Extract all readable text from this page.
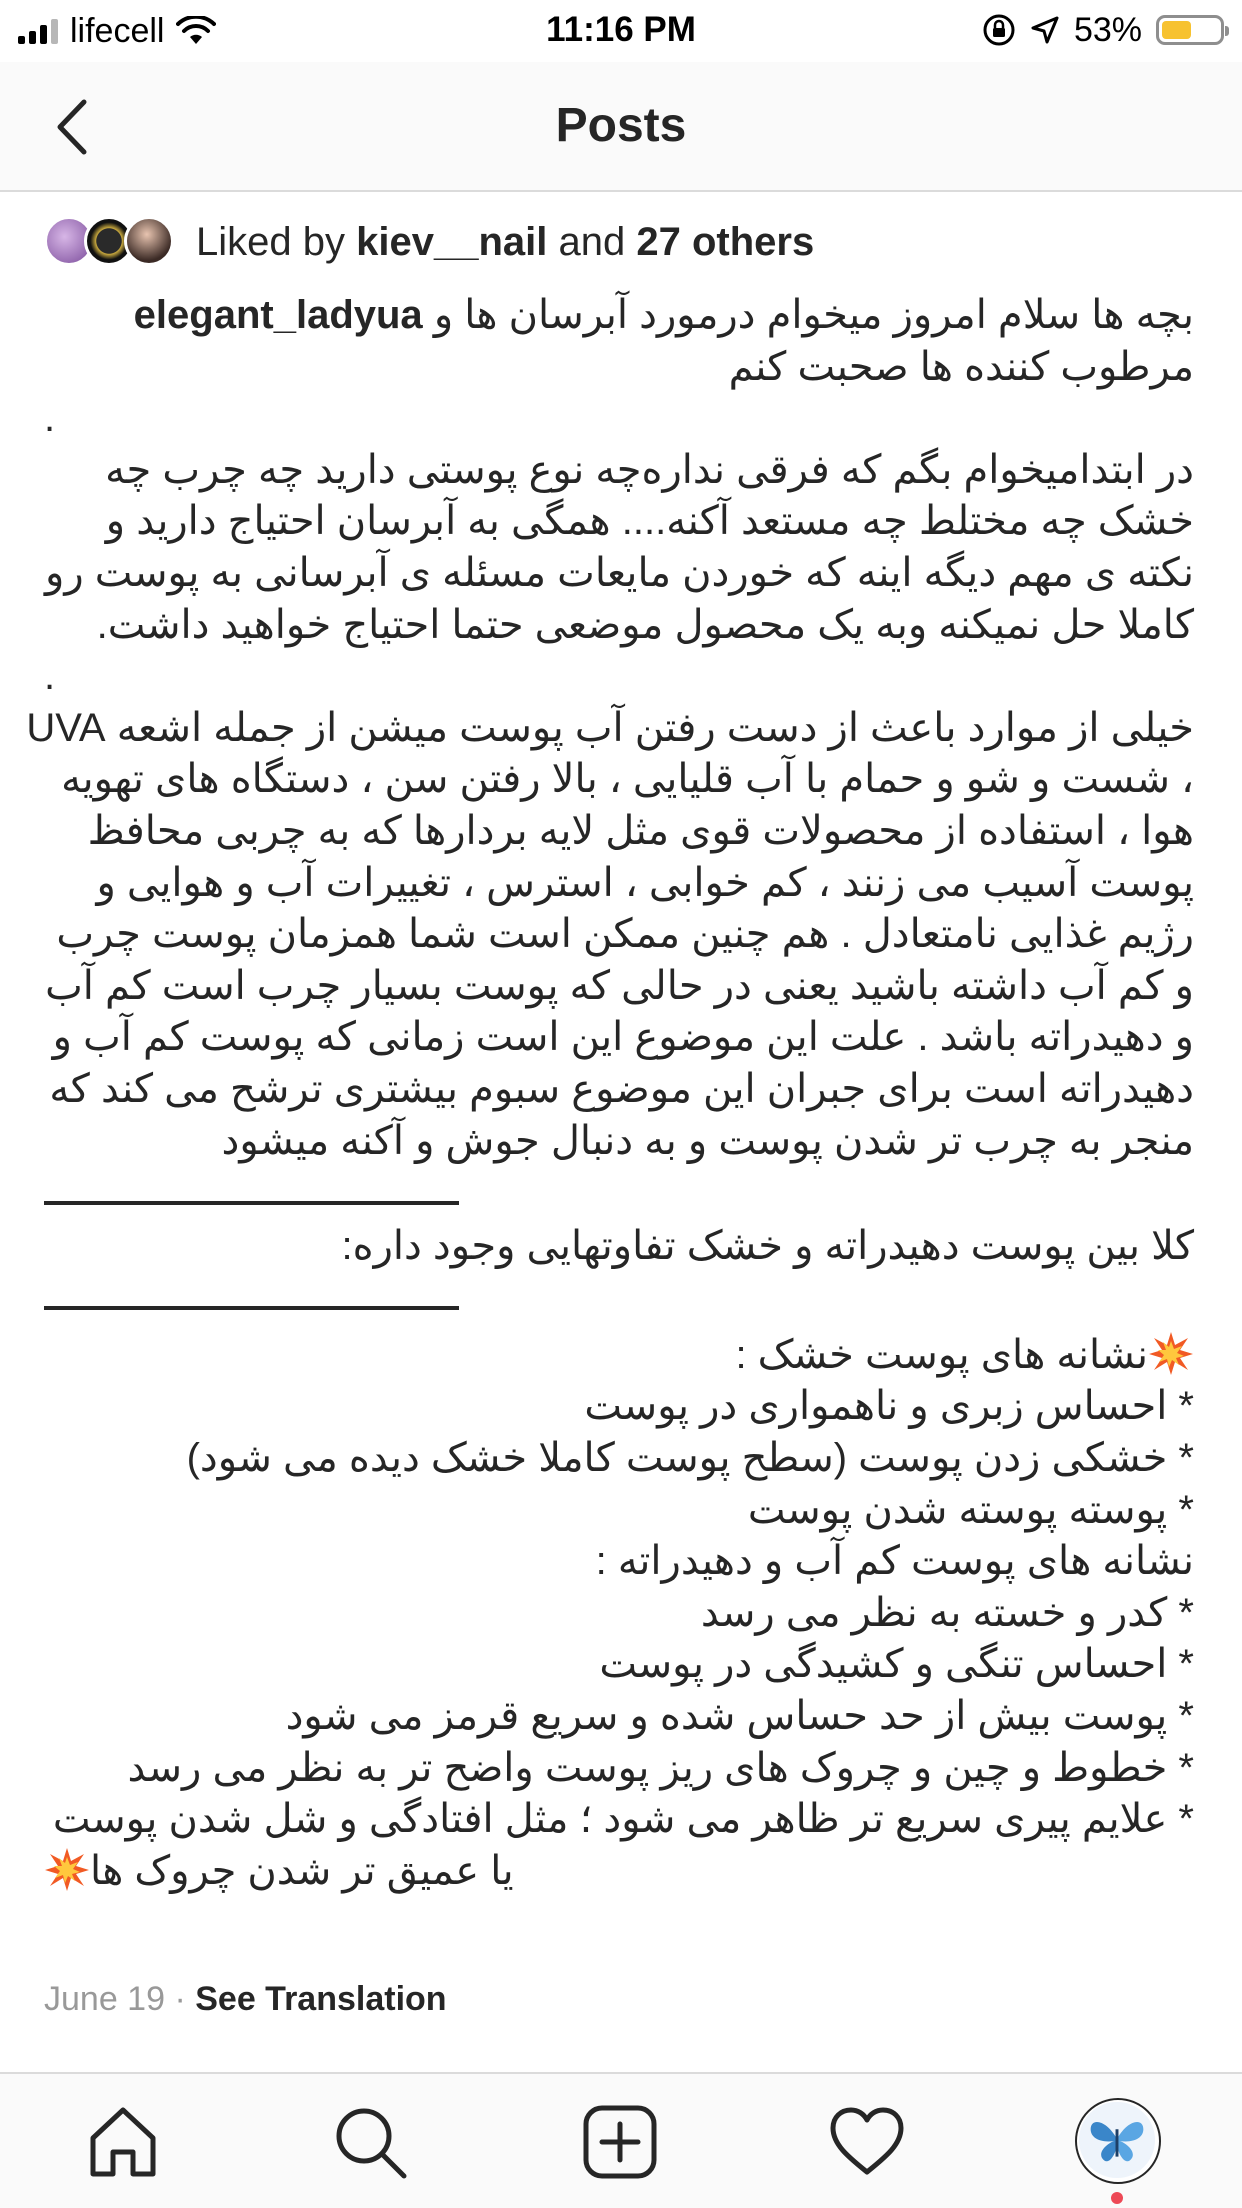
lifecell	11:16 PM	53%
Posts
Liked by
kiev__nail
and
27 others
بچه ها سلام امروز میخوام درمورد آبرسان ها و elegant_ladyua
مرطوب کننده ها صحبت کنم
.
در ابتدامیخوام بگم که فرقی نداره‌چه نوع پوستی دارید چه چرب چه
خشک چه مختلط چه مستعد آکنه.... همگی به آبرسان احتیاج دارید و
نکته ی مهم دیگه اینه که خوردن مایعات مسئله ی آبرسانی به پوست رو
کاملا حل نمیکنه وبه یک محصول موضعی حتما احتیاج خواهید داشت.
.
خیلی از موارد باعث از دست رفتن آب پوست میشن از جمله اشعه UVA
، شست و شو و حمام با آب قلیایی ، بالا رفتن سن ، دستگاه های تهویه
هوا ، استفاده از محصولات قوی مثل لایه بردارها که به چربی محافظ
پوست آسیب می زنند ، کم خوابی ، استرس ، تغییرات آب و هوایی و
رژیم غذایی نامتعادل . هم چنین ممکن است شما همزمان پوست چرب
و کم آب داشته باشید یعنی در حالی که پوست بسیار چرب است کم آب
و دهیدراته باشد . علت این موضوع این است زمانی که پوست کم آب و
دهیدراته است برای جبران این موضوع سبوم بیشتری ترشح می کند که
منجر به چرب تر شدن پوست و به دنبال جوش و آکنه میشود
کلا بین پوست دهیدراته و خشک تفاوتهایی وجود داره:
نشانه های پوست خشک :
* احساس زبری و ناهمواری در پوست
* خشکی زدن پوست (سطح پوست کاملا خشک دیده می شود)
* پوسته پوسته شدن پوست
نشانه های پوست کم آب و دهیدراته :
* کدر و خسته به نظر می رسد
* احساس تنگی و کشیدگی در پوست
* پوست بیش از حد حساس شده و سریع قرمز می شود
* خطوط و چین و چروک های ریز پوست واضح تر به نظر می رسد
* علایم پیری سریع تر ظاهر می شود ؛ مثل افتادگی و شل شدن پوست
یا عمیق تر شدن چروک ها
June 19 · See Translation
